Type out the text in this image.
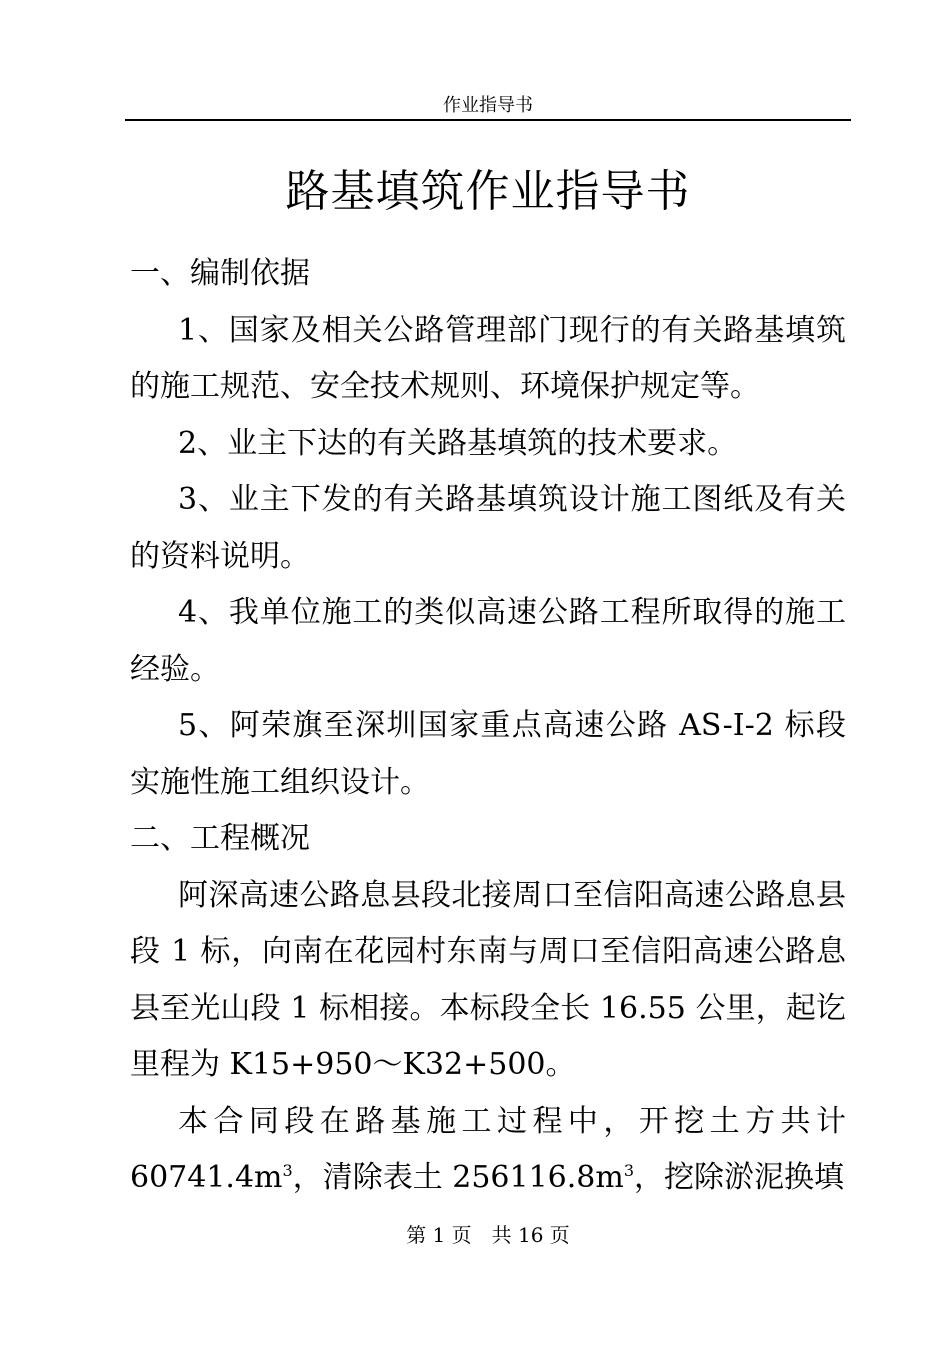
作业指导书
路基填筑作业指导书

一、编制依据

1、国家及相关公路管理部门现行的有关路基填筑的施工规范、安全技术规则、环境保护规定等。

2、业主下达的有关路基填筑的技术要求。

3、业主下发的有关路基填筑设计施工图纸及有关的资料说明。

4、我单位施工的类似高速公路工程所取得的施工经验。

5、阿荣旗至深圳国家重点高速公路 AS-I-2 标段实施性施工组织设计。

二、工程概况

阿深高速公路息县段北接周口至信阳高速公路息县段 1 标，向南在花园村东南与周口至信阳高速公路息县至光山段 1 标相接。本标段全长 16.55 公里，起讫里程为 K15+950～K32+500。

本合同段在路基施工过程中，开挖土方共计 $60741.4m^3$，清除表土 $256116.8m^3$，挖除淤泥换填

第 1 页　共 16 页
